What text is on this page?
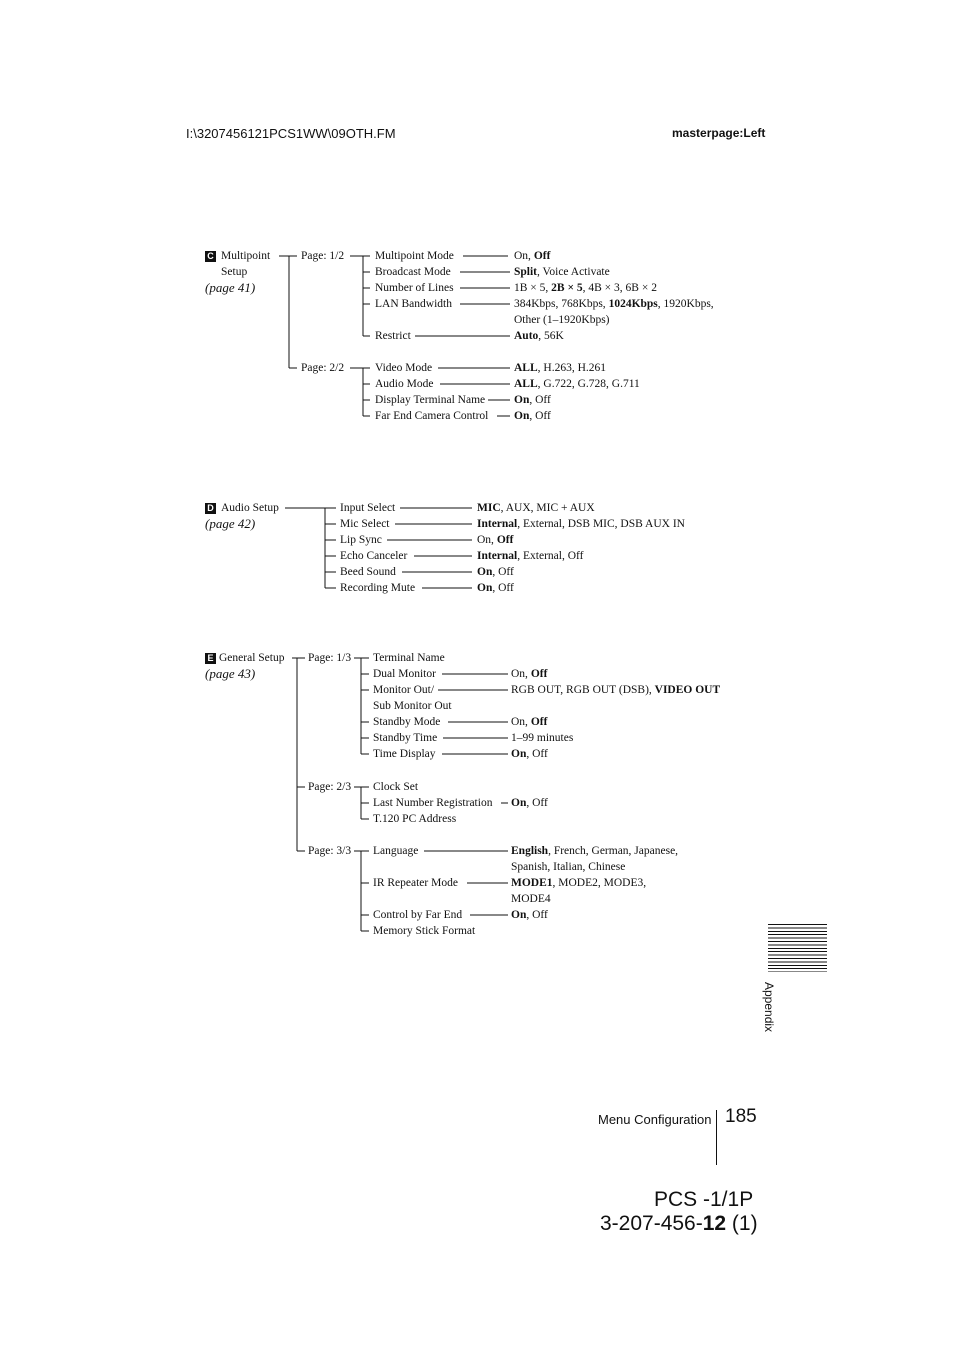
I:\3207456121PCS1WW\09OTH.FM	masterpage:Left
C Multipoint
Setup
(page 41)
Page: 1/2
Page: 2/2
Multipoint Mode
Broadcast Mode
Number of Lines
LAN Bandwidth
Restrict
On, Off
Split, Voice Activate
1B × 5, 2B × 5, 4B × 3, 6B × 2
384Kbps, 768Kbps, 1024Kbps, 1920Kbps,
Other (1–1920Kbps)
Auto, 56K
Video Mode
Audio Mode
Display Terminal Name
Far End Camera Control
ALL, H.263, H.261
ALL, G.722, G.728, G.711
On, Off
On, Off
D Audio Setup
(page 42)
Input Select
Mic Select
Lip Sync
Echo Canceler
Beed Sound
Recording Mute
MIC, AUX, MIC + AUX
Internal, External, DSB MIC, DSB AUX IN
On, Off
Internal, External, Off
On, Off
On, Off
E General Setup
(page 43)
Page: 1/3
Page: 2/3
Page: 3/3
Terminal Name
Dual Monitor
Monitor Out/
Sub Monitor Out
Standby Mode
Standby Time
Time Display
On, Off
RGB OUT, RGB OUT (DSB), VIDEO OUT
On, Off
1–99 minutes
On, Off
Clock Set
Last Number Registration
T.120 PC Address
On, Off
Language
IR Repeater Mode
Control by Far End
Memory Stick Format
English, French, German, Japanese,
Spanish, Italian, Chinese
MODE1, MODE2, MODE3,
MODE4
On, Off
Appendix
Menu Configuration 185
PCS -1/1P
3-207-456-12 (1)
